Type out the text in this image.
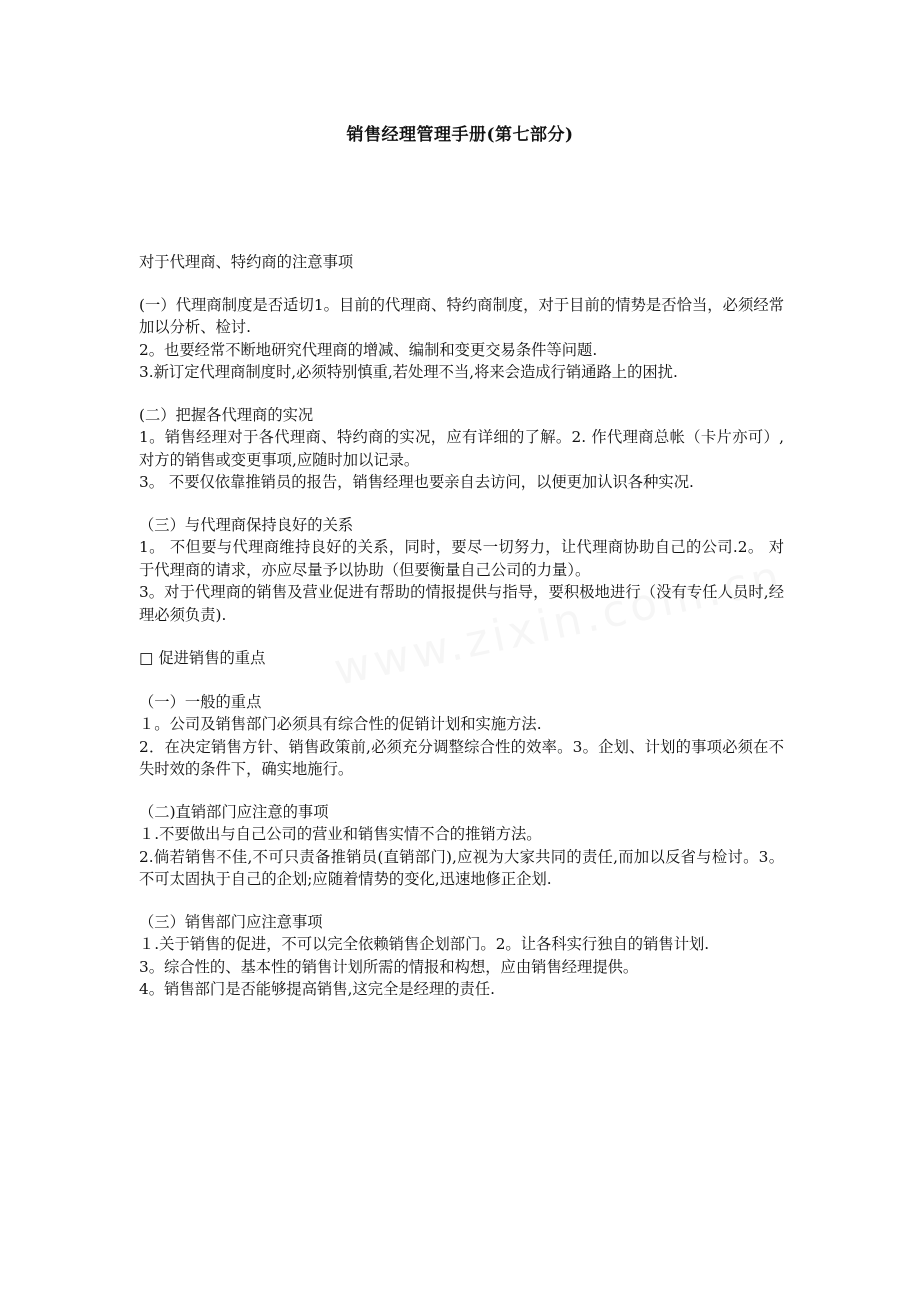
销售经理管理手册(第七部分)

对于代理商、特约商的注意事项

(一）代理商制度是否适切1。目前的代理商、特约商制度，对于目前的情势是否恰当，必须经常加以分析、检讨.

2。也要经常不断地研究代理商的增减、编制和变更交易条件等问题.

3.新订定代理商制度时,必须特别慎重,若处理不当,将来会造成行销通路上的困扰.

(二）把握各代理商的实况

1。销售经理对于各代理商、特约商的实况，应有详细的了解。2. 作代理商总帐（卡片亦可）,对方的销售或变更事项,应随时加以记录。

3。 不要仅依靠推销员的报告，销售经理也要亲自去访问，以便更加认识各种实况.

（三）与代理商保持良好的关系

1。 不但要与代理商维持良好的关系，同时，要尽一切努力，让代理商协助自己的公司.2。 对于代理商的请求，亦应尽量予以协助（但要衡量自己公司的力量）。

3。对于代理商的销售及营业促进有帮助的情报提供与指导，要积极地进行（没有专任人员时,经理必须负责).

□ 促进销售的重点

（一）一般的重点

１。公司及销售部门必须具有综合性的促销计划和实施方法.

2．在决定销售方针、销售政策前,必须充分调整综合性的效率。3。企划、计划的事项必须在不失时效的条件下，确实地施行。

（二)直销部门应注意的事项

１.不要做出与自己公司的营业和销售实情不合的推销方法。

2.倘若销售不佳,不可只责备推销员(直销部门),应视为大家共同的责任,而加以反省与检讨。3。不可太固执于自己的企划;应随着情势的变化,迅速地修正企划.

（三）销售部门应注意事项

１.关于销售的促进，不可以完全依赖销售企划部门。2。让各科实行独自的销售计划.

3。综合性的、基本性的销售计划所需的情报和构想，应由销售经理提供。

4。销售部门是否能够提高销售,这完全是经理的责任.
